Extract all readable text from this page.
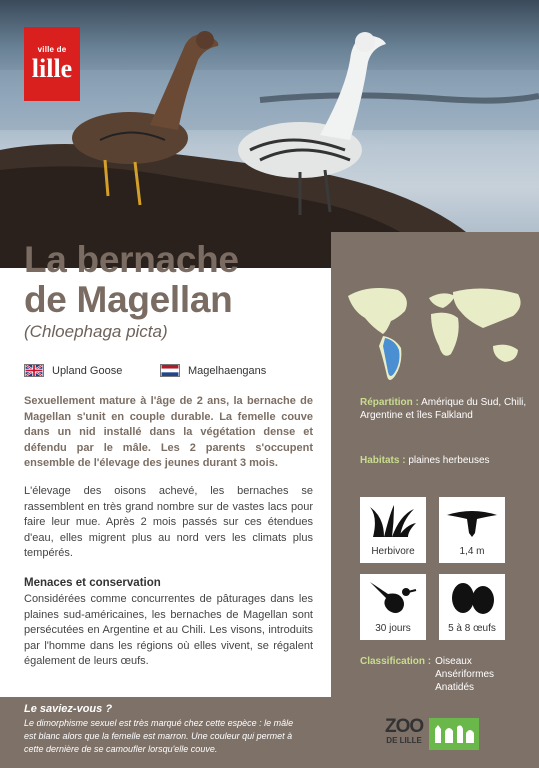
ville de
lille
Répartition : Amérique du Sud, Chili, Argentine et îles Falkland
Habitats : plaines herbeuses
Herbivore	1,4 m
30 jours	5 à 8 œufs
Classification : Oiseaux
Ansériformes
Anatidés
La bernache
de Magellan
(Chloephaga picta)
Upland Goose	Magelhaengans
Sexuellement mature à l'âge de 2 ans, la bernache de Magellan s'unit en couple durable. La femelle couve dans un nid installé dans la végétation dense et défendu par le mâle. Les 2 parents s'occupent ensemble de l'élevage des jeunes durant 3 mois.
L'élevage des oisons achevé, les bernaches se rassemblent en très grand nombre sur de vastes lacs pour faire leur mue. Après 2 mois passés sur ces étendues d'eau, elles migrent plus au nord vers les climats plus tempérés.
Menaces et conservation
Considérées comme concurrentes de pâturages dans les plaines sud-américaines, les bernaches de Magellan sont persécutées en Argentine et au Chili. Les visons, introduits par l'homme dans les régions où elles vivent, se régalent également de leurs œufs.
Le saviez-vous ?
Le dimorphisme sexuel est très marqué chez cette espèce : le mâle est blanc alors que la femelle est marron. Une couleur qui permet à cette dernière de se camoufler lorsqu'elle couve.
ZOO
DE LILLE
